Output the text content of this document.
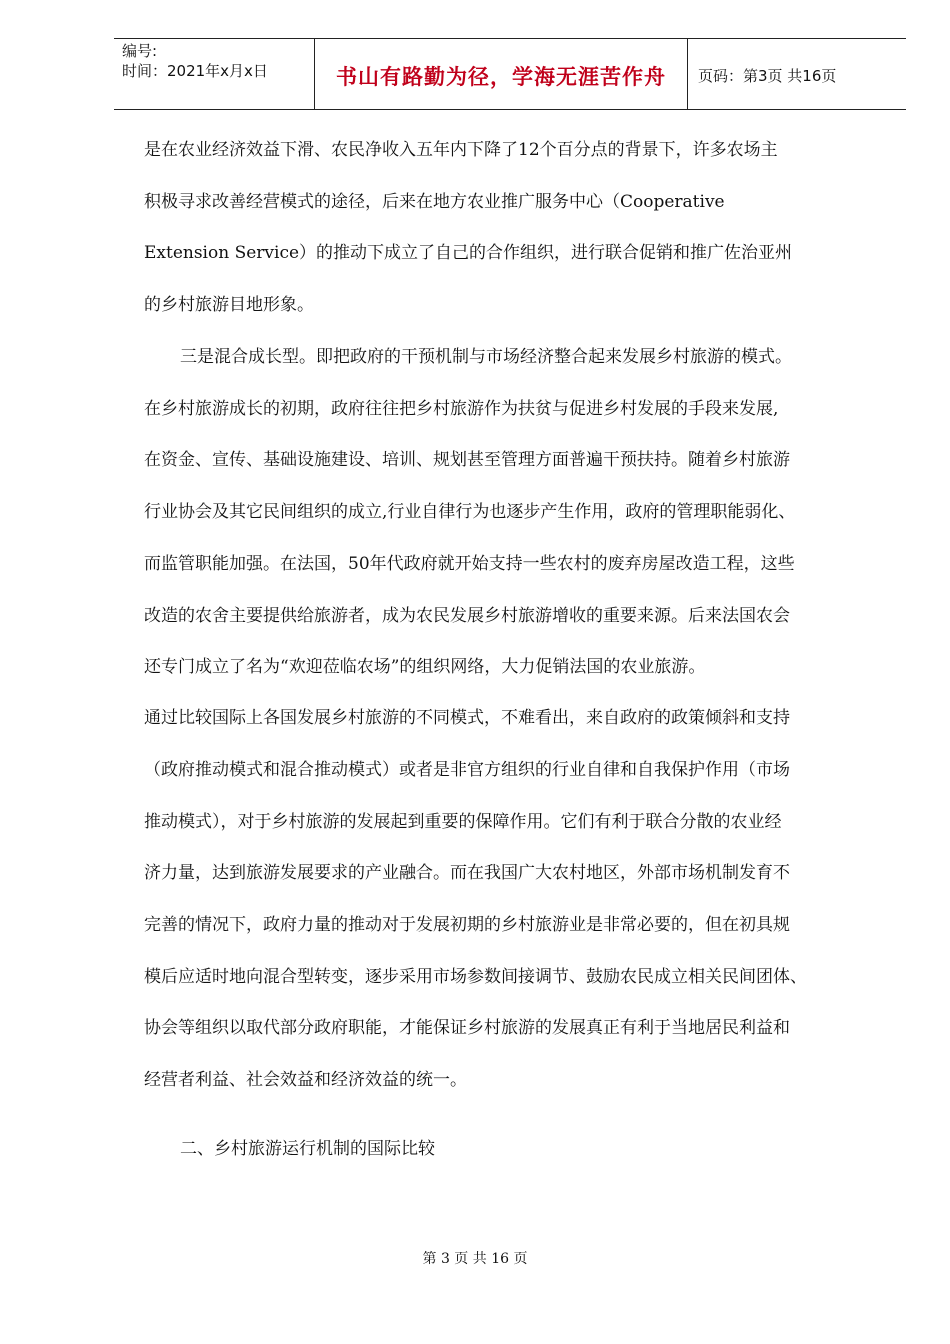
编号:
时间：2021年x月x日	书山有路勤为径，学海无涯苦作舟	页码：第3页 共16页
是在农业经济效益下滑、农民净收入五年内下降了12个百分点的背景下，许多农场主
积极寻求改善经营模式的途径，后来在地方农业推广服务中心（Cooperative
Extension Service）的推动下成立了自己的合作组织，进行联合促销和推广佐治亚州
的乡村旅游目地形象。
三是混合成长型。即把政府的干预机制与市场经济整合起来发展乡村旅游的模式。
在乡村旅游成长的初期，政府往往把乡村旅游作为扶贫与促进乡村发展的手段来发展,
在资金、宣传、基础设施建设、培训、规划甚至管理方面普遍干预扶持。随着乡村旅游
行业协会及其它民间组织的成立,行业自律行为也逐步产生作用，政府的管理职能弱化、
而监管职能加强。在法国，50年代政府就开始支持一些农村的废弃房屋改造工程，这些
改造的农舍主要提供给旅游者，成为农民发展乡村旅游增收的重要来源。后来法国农会
还专门成立了名为“欢迎莅临农场”的组织网络，大力促销法国的农业旅游。
通过比较国际上各国发展乡村旅游的不同模式，不难看出，来自政府的政策倾斜和支持
（政府推动模式和混合推动模式）或者是非官方组织的行业自律和自我保护作用（市场
推动模式），对于乡村旅游的发展起到重要的保障作用。它们有利于联合分散的农业经
济力量，达到旅游发展要求的产业融合。而在我国广大农村地区，外部市场机制发育不
完善的情况下，政府力量的推动对于发展初期的乡村旅游业是非常必要的，但在初具规
模后应适时地向混合型转变，逐步采用市场参数间接调节、鼓励农民成立相关民间团体、
协会等组织以取代部分政府职能，才能保证乡村旅游的发展真正有利于当地居民利益和
经营者利益、社会效益和经济效益的统一。
二、乡村旅游运行机制的国际比较
第 3 页 共 16 页
